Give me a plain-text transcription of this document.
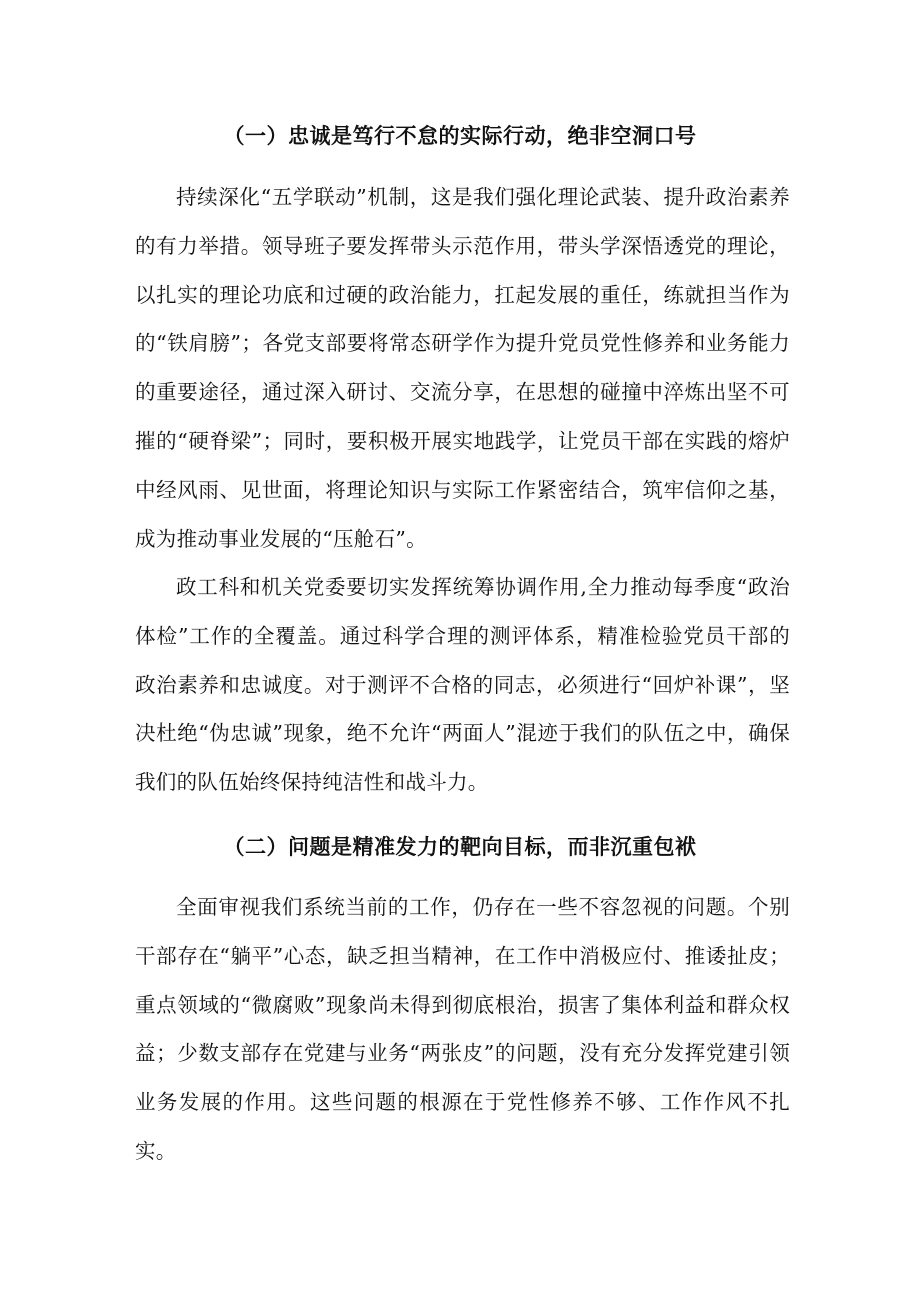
（一）忠诚是笃行不怠的实际行动，绝非空洞口号

持续深化“五学联动”机制，这是我们强化理论武装、提升政治素养的有力举措。领导班子要发挥带头示范作用，带头学深悟透党的理论，以扎实的理论功底和过硬的政治能力，扛起发展的重任，练就担当作为的“铁肩膀”；各党支部要将常态研学作为提升党员党性修养和业务能力的重要途径，通过深入研讨、交流分享，在思想的碰撞中淬炼出坚不可摧的“硬脊梁”；同时，要积极开展实地践学，让党员干部在实践的熔炉中经风雨、见世面，将理论知识与实际工作紧密结合，筑牢信仰之基，成为推动事业发展的“压舱石”。

政工科和机关党委要切实发挥统筹协调作用,全力推动每季度“政治体检”工作的全覆盖。通过科学合理的测评体系，精准检验党员干部的政治素养和忠诚度。对于测评不合格的同志，必须进行“回炉补课”，坚决杜绝“伪忠诚”现象，绝不允许“两面人”混迹于我们的队伍之中，确保我们的队伍始终保持纯洁性和战斗力。

（二）问题是精准发力的靶向目标，而非沉重包袱

全面审视我们系统当前的工作，仍存在一些不容忽视的问题。个别干部存在“躺平”心态，缺乏担当精神，在工作中消极应付、推诿扯皮；重点领域的“微腐败”现象尚未得到彻底根治，损害了集体利益和群众权益；少数支部存在党建与业务“两张皮”的问题，没有充分发挥党建引领业务发展的作用。这些问题的根源在于党性修养不够、工作作风不扎实。
